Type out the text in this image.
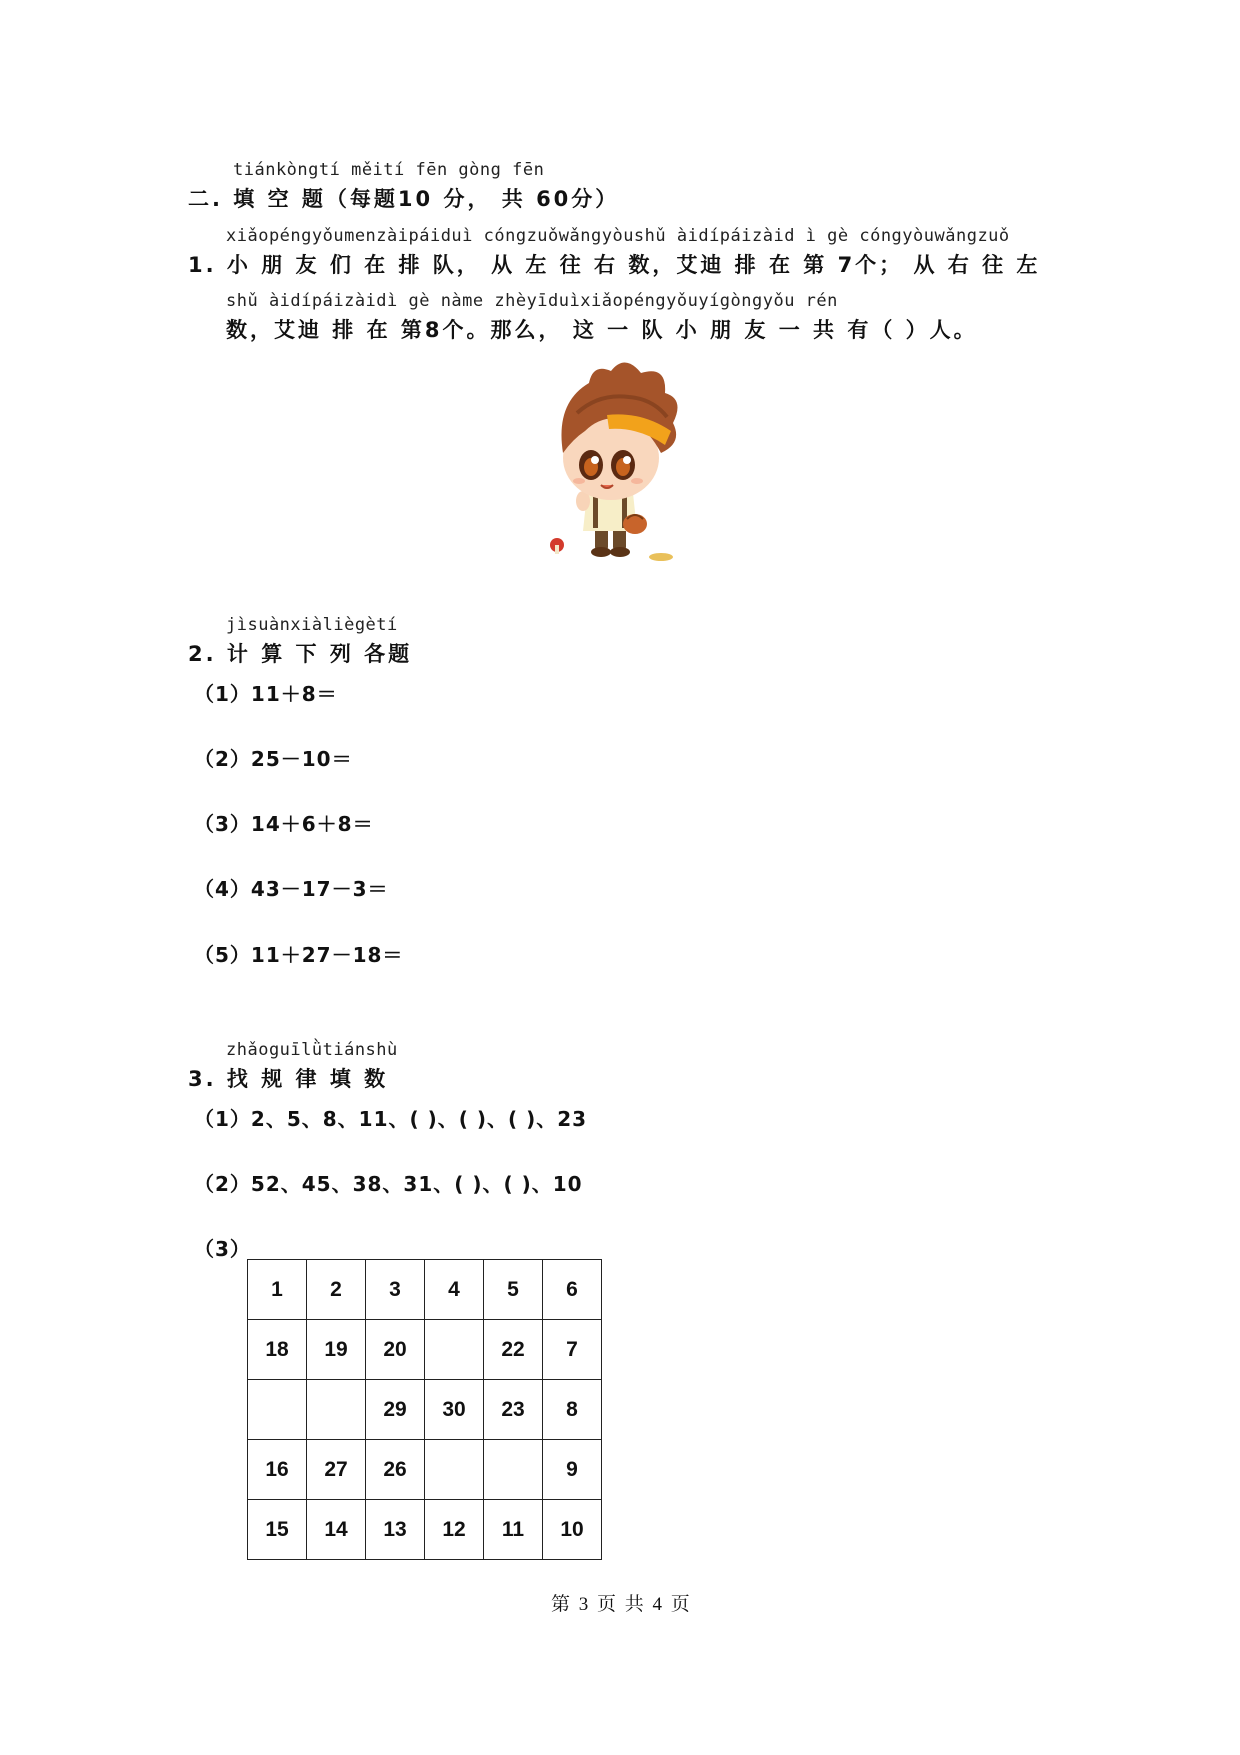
tiánkòngtí měití fēn gòng fēn
二. 填 空 题（每题10 分， 共 60分）
xiǎopéngyǒumenzàipáiduì cóngzuǒwǎngyòushǔ àidípáizàid ì gè cóngyòuwǎngzuǒ
1. 小 朋 友 们 在 排 队， 从 左 往 右 数，艾迪 排 在 第 7个； 从 右 往 左
shǔ àidípáizàidì gè nàme zhèyīduìxiǎopéngyǒuyígòngyǒu rén
数，艾迪 排 在 第8个。那么， 这 一 队 小 朋 友 一 共 有（ ）人。
jìsuànxiàliègètí
2. 计 算 下 列 各题
（1）11＋8＝
（2）25－10＝
（3）14＋6＋8＝
（4）43－17－3＝
（5）11＋27－18＝
zhǎoguīlǜtiánshù
3. 找 规 律 填 数
（1）2、5、8、11、( )、( )、( )、23
（2）52、45、38、31、( )、( )、10
（3）
1	2	3	4	5	6
18	19	20		22	7
		29	30	23	8
16	27	26			9
15	14	13	12	11	10
第 3 页 共 4 页
